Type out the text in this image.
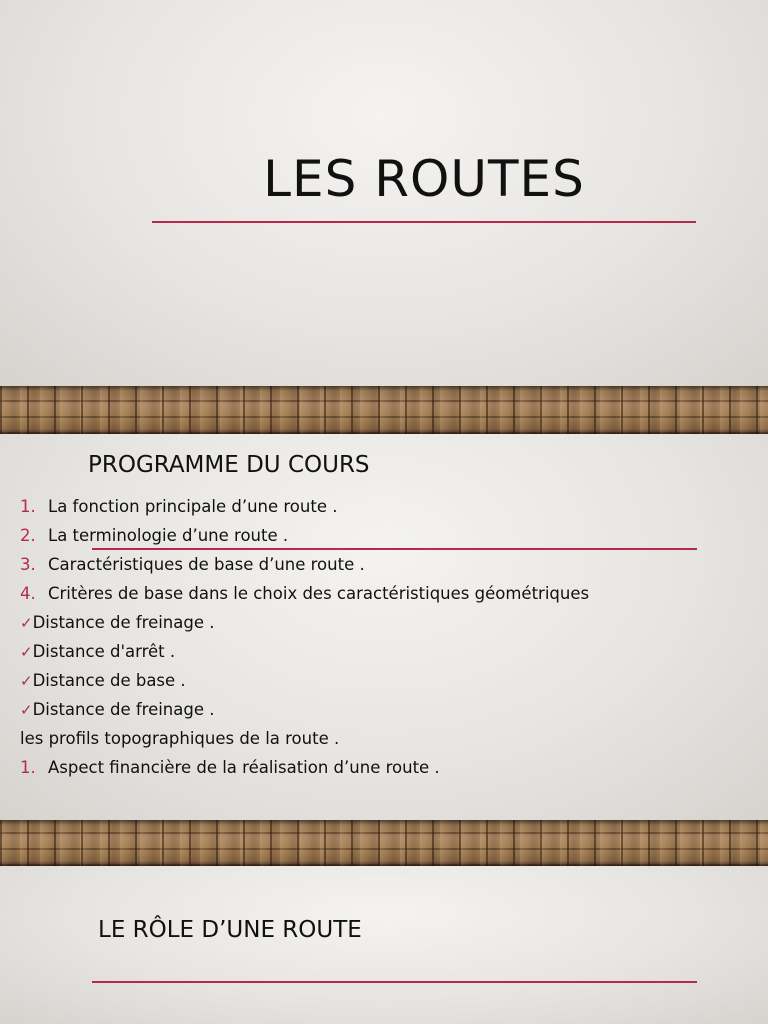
LES ROUTES
PROGRAMME DU COURS
1. La fonction principale d’une route .
2. La terminologie d’une route .
3. Caractéristiques de base d’une route .
4. Critères de base dans le choix des caractéristiques géométriques
✓Distance de freinage .
✓Distance d'arrêt .
✓Distance de base .
✓Distance de freinage .
les profils topographiques de la route .
1. Aspect financière de la réalisation d’une route .
LE RÔLE D’UNE ROUTE
